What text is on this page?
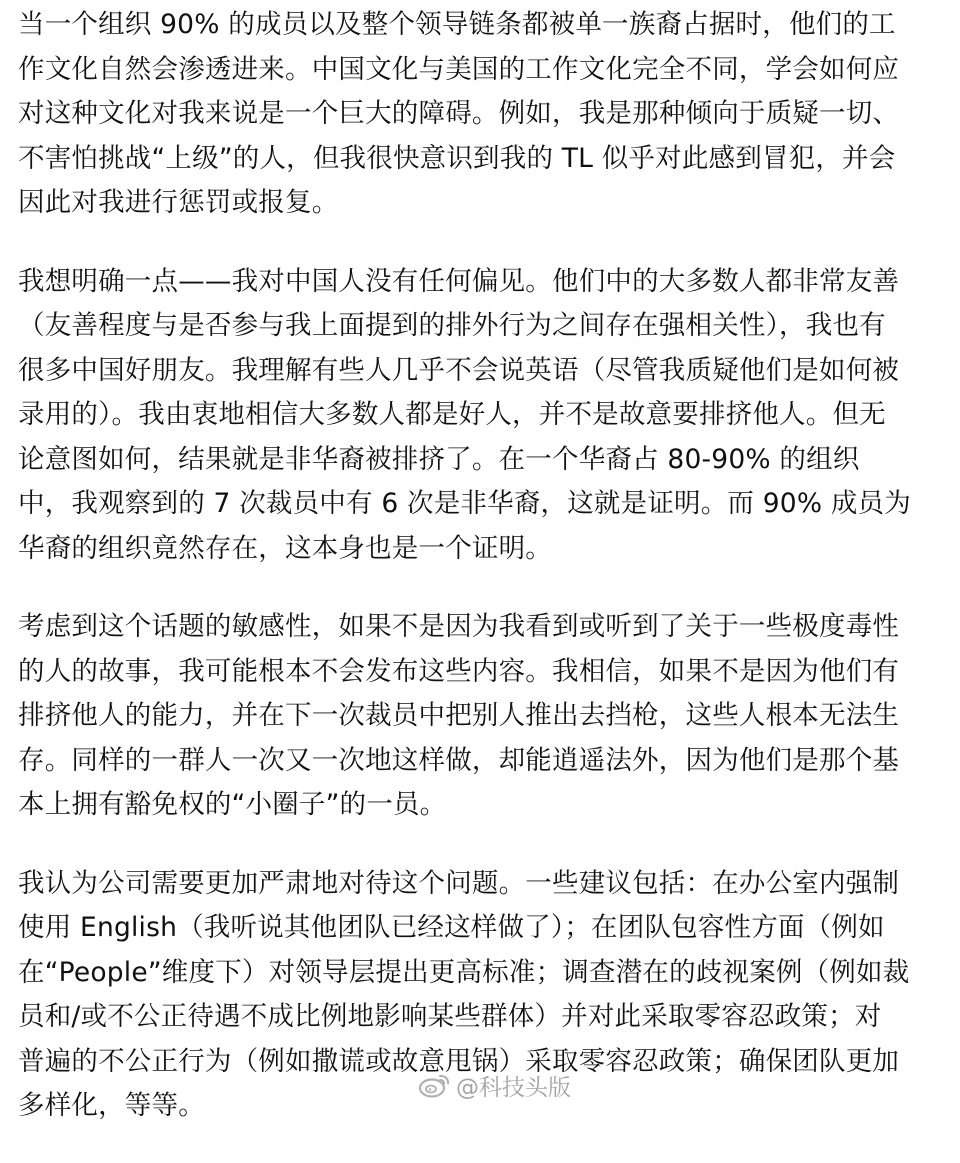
当一个组织 90% 的成员以及整个领导链条都被单一族裔占据时，他们的工
作文化自然会渗透进来。中国文化与美国的工作文化完全不同，学会如何应
对这种文化对我来说是一个巨大的障碍。例如，我是那种倾向于质疑一切、
不害怕挑战“上级”的人，但我很快意识到我的 TL 似乎对此感到冒犯，并会
因此对我进行惩罚或报复。
我想明确一点——我对中国人没有任何偏见。他们中的大多数人都非常友善
（友善程度与是否参与我上面提到的排外行为之间存在强相关性），我也有
很多中国好朋友。我理解有些人几乎不会说英语（尽管我质疑他们是如何被
录用的）。我由衷地相信大多数人都是好人，并不是故意要排挤他人。但无
论意图如何，结果就是非华裔被排挤了。在一个华裔占 80-90% 的组织
中，我观察到的 7 次裁员中有 6 次是非华裔，这就是证明。而 90% 成员为
华裔的组织竟然存在，这本身也是一个证明。
考虑到这个话题的敏感性，如果不是因为我看到或听到了关于一些极度毒性
的人的故事，我可能根本不会发布这些内容。我相信，如果不是因为他们有
排挤他人的能力，并在下一次裁员中把别人推出去挡枪，这些人根本无法生
存。同样的一群人一次又一次地这样做，却能逍遥法外，因为他们是那个基
本上拥有豁免权的“小圈子”的一员。
我认为公司需要更加严肃地对待这个问题。一些建议包括：在办公室内强制
使用 English（我听说其他团队已经这样做了）；在团队包容性方面（例如
在“People”维度下）对领导层提出更高标准；调查潜在的歧视案例（例如裁
员和/或不公正待遇不成比例地影响某些群体）并对此采取零容忍政策；对
普遍的不公正行为（例如撒谎或故意甩锅）采取零容忍政策；确保团队更加
多样化，等等。
@科技头版
